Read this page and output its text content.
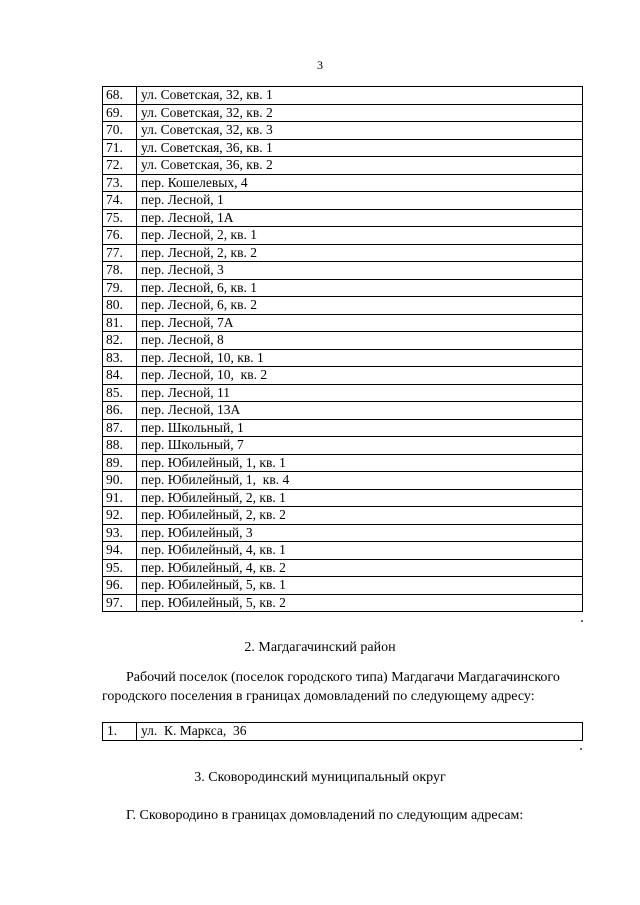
3
68.	ул. Советская, 32, кв. 1
69.	ул. Советская, 32, кв. 2
70.	ул. Советская, 32, кв. 3
71.	ул. Советская, 36, кв. 1
72.	ул. Советская, 36, кв. 2
73.	пер. Кошелевых, 4
74.	пер. Лесной, 1
75.	пер. Лесной, 1А
76.	пер. Лесной, 2, кв. 1
77.	пер. Лесной, 2, кв. 2
78.	пер. Лесной, 3
79.	пер. Лесной, 6, кв. 1
80.	пер. Лесной, 6, кв. 2
81.	пер. Лесной, 7А
82.	пер. Лесной, 8
83.	пер. Лесной, 10, кв. 1
84.	пер. Лесной, 10,  кв. 2
85.	пер. Лесной, 11
86.	пер. Лесной, 13А
87.	пер. Школьный, 1
88.	пер. Школьный, 7
89.	пер. Юбилейный, 1, кв. 1
90.	пер. Юбилейный, 1,  кв. 4
91.	пер. Юбилейный, 2, кв. 1
92.	пер. Юбилейный, 2, кв. 2
93.	пер. Юбилейный, 3
94.	пер. Юбилейный, 4, кв. 1
95.	пер. Юбилейный, 4, кв. 2
96.	пер. Юбилейный, 5, кв. 1
97.	пер. Юбилейный, 5, кв. 2
2. Магдагачинский район
Рабочий поселок (поселок городского типа) Магдагачи Магдагачинского
городского поселения в границах домовладений по следующему адресу:
1.	ул.  К. Маркса,  36
3. Сковородинский муниципальный округ
Г. Сковородино в границах домовладений по следующим адресам:
